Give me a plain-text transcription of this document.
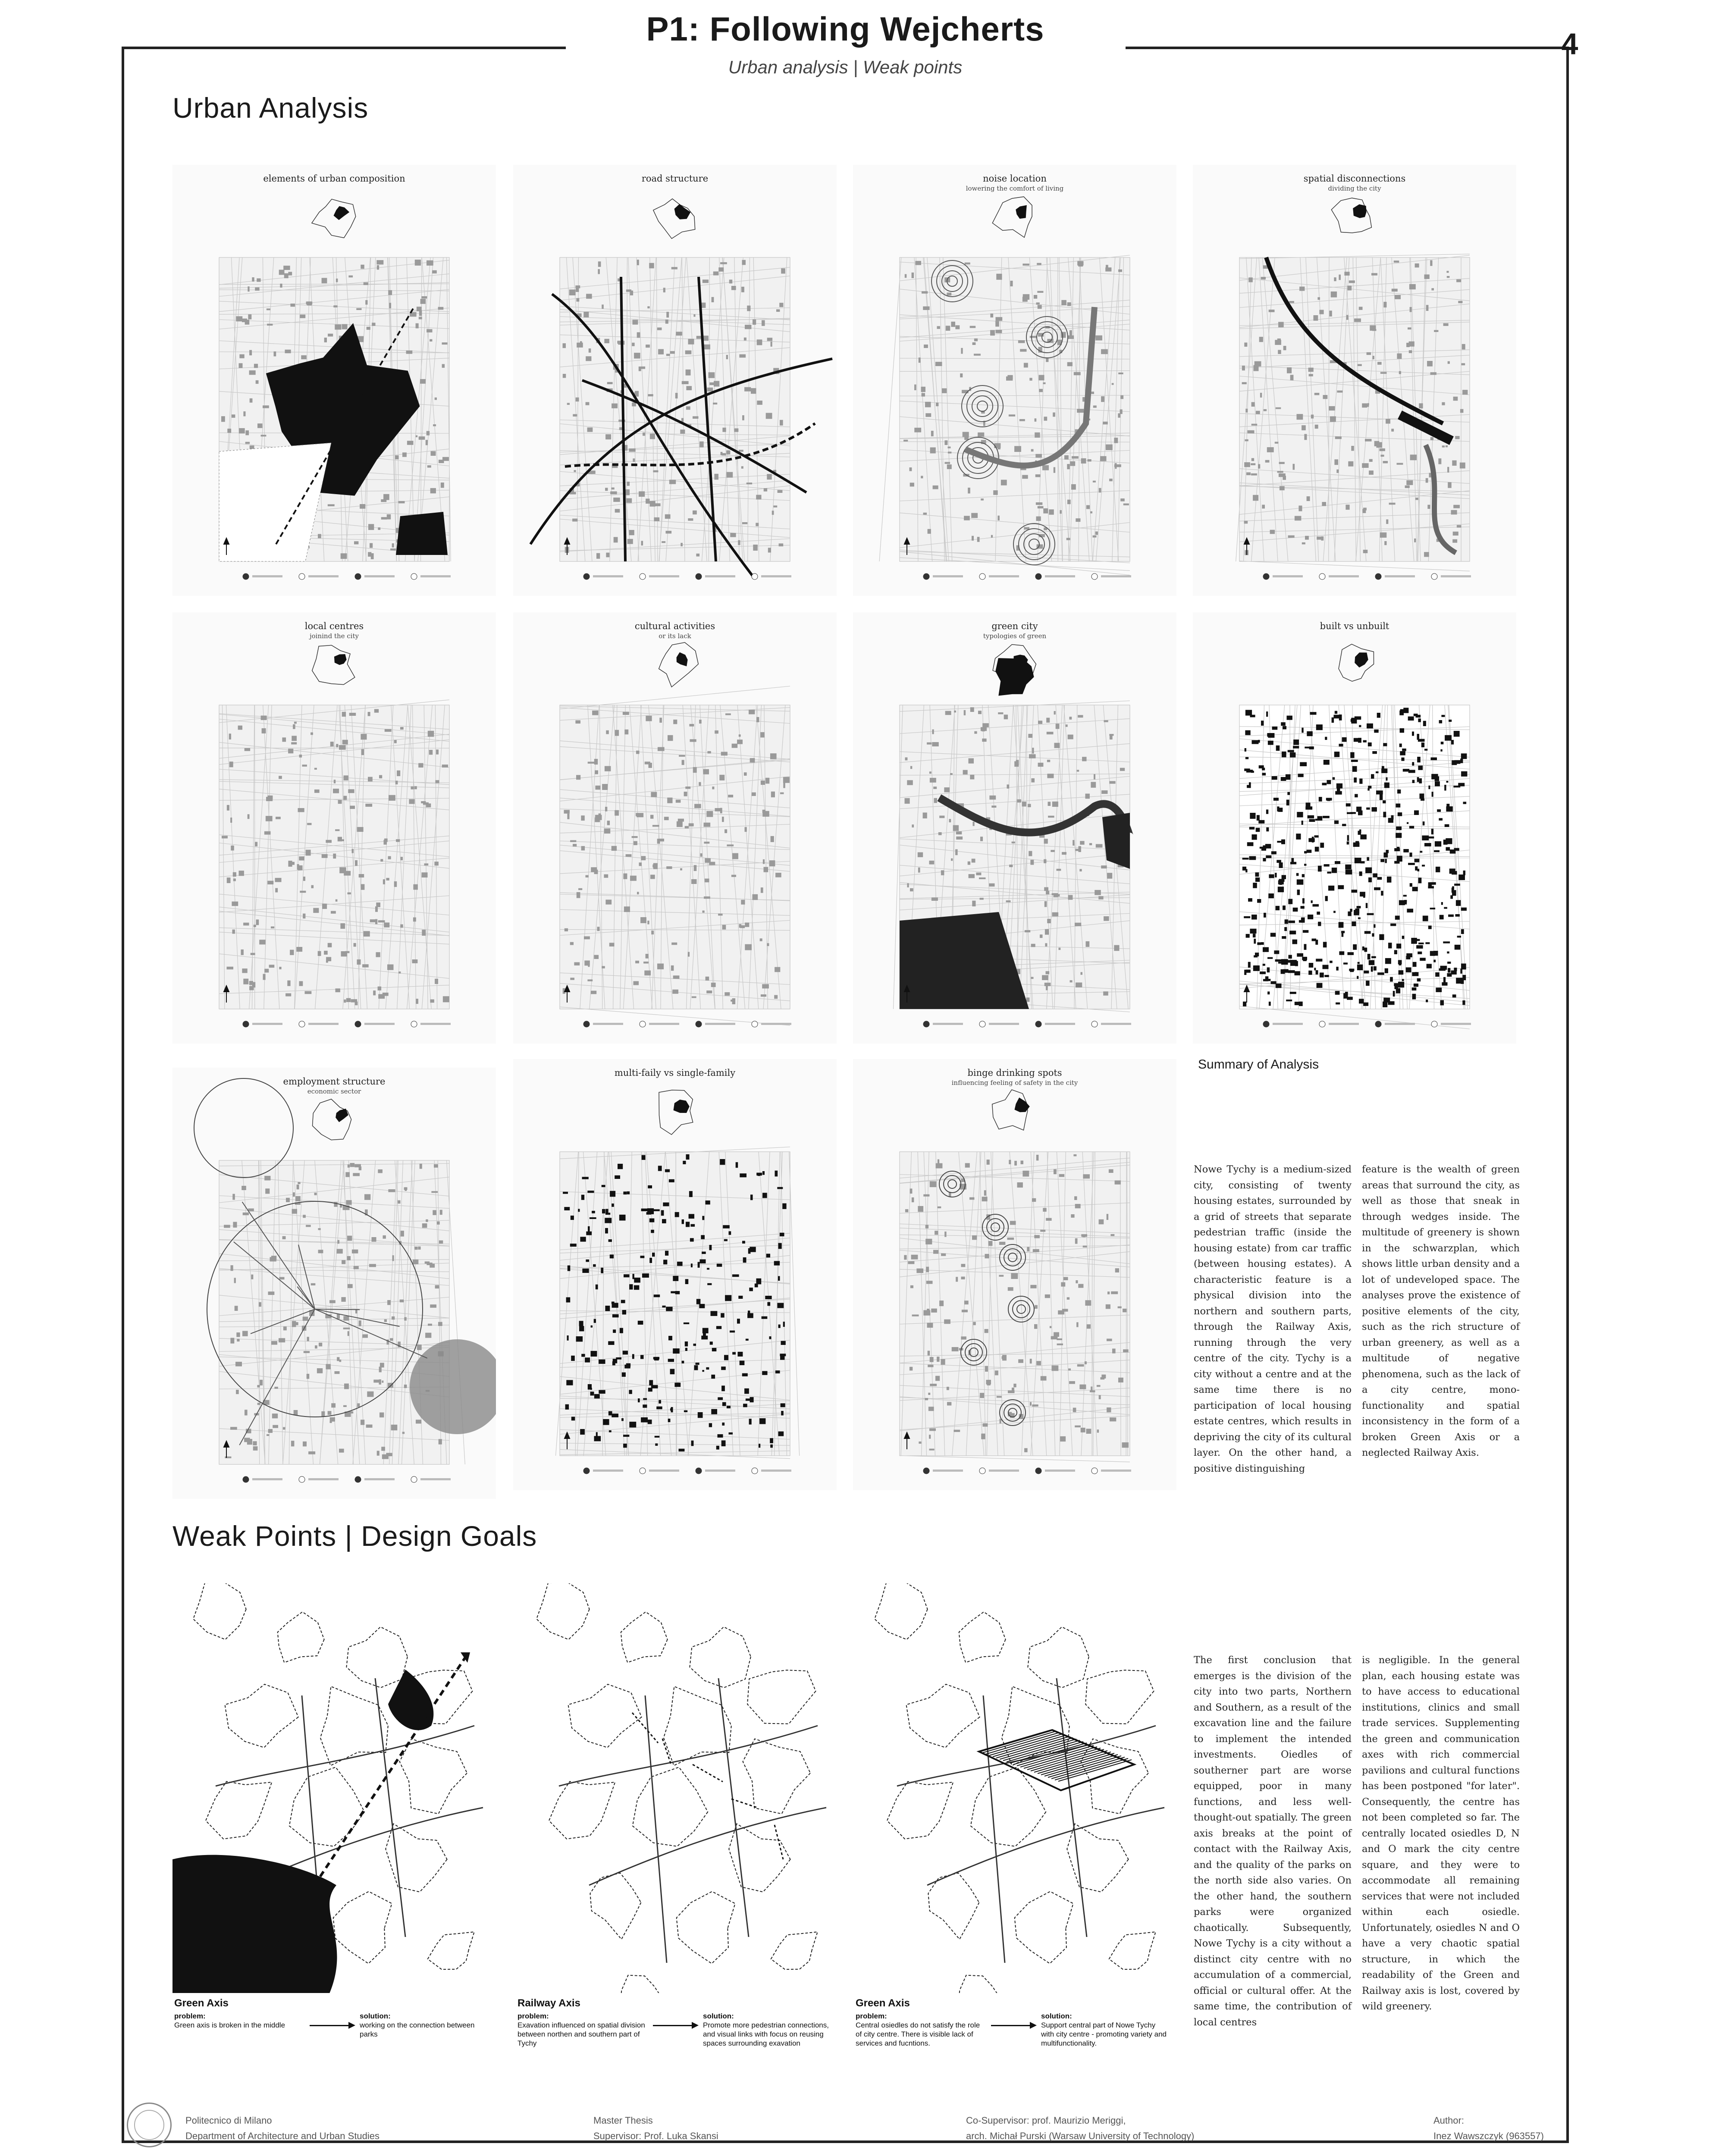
P1: Following Wejcherts
Urban analysis | Weak points
4
Urban Analysis
elements of urban composition	road structure	noise location
lowering the comfort of living
spatial disconnections
dividing the city
local centres
joinind the city
cultural activities
or its lack
green city
typologies of green
built vs unbuilt
employment structure
economic sector
multi-faily vs single-family	binge drinking spots
influencing feeling of safety in the city
Summary of Analysis
Nowe Tychy is a medium-sized city, consisting of twenty housing estates, surrounded by a grid of streets that separate pedestrian traffic (inside the housing estate) from car traffic (between housing estates). A characteristic feature is a physical division into the northern and southern parts, through the Railway Axis, running through the very centre of the city. Tychy is a city without a centre and at the same time there is no participation of local housing estate centres, which results in depriving the city of its cultural layer. On the other hand, a positive distinguishing
feature is the wealth of green areas that surround the city, as well as those that sneak in through wedges inside. The multitude of greenery is shown in the schwarzplan, which shows little urban density and a lot of undeveloped space. The analyses prove the existence of positive elements of the city, such as the rich structure of urban greenery, as well as a multitude of negative phenomena, such as the lack of a city centre, mono-functionality and spatial inconsistency in the form of a broken Green Axis or a neglected Railway Axis.
Weak Points | Design Goals
Green Axis
problem:
Green axis is broken in the middle
solution:
working on the connection between parks
Railway Axis
problem:
Exavation influenced on spatial division between northen and southern part of Tychy
solution:
Promote more pedestrian connections, and visual links with focus on reusing spaces surrounding exavation
Green Axis
problem:
Central osiedles do not satisfy the role of city centre. There is visible lack of services and fucntions.
solution:
Support central part of Nowe Tychy with city centre - promoting variety and multifunctionality.
The first conclusion that emerges is the division of the city into two parts, Northern and Southern, as a result of the excavation line and the failure to implement the intended investments. Oiedles of southerner part are worse equipped, poor in many functions, and less well-thought-out spatially. The green axis breaks at the point of contact with the Railway Axis, and the quality of the parks on the north side also varies. On the other hand, the southern parks were organized chaotically. Subsequently, Nowe Tychy is a city without a distinct city centre with no accumulation of a commercial, official or cultural offer. At the same time, the contribution of local centres
is negligible. In the general plan, each housing estate was to have access to educational institutions, clinics and small trade services. Supplementing the green and communication axes with rich commercial pavilions and cultural functions has been postponed "for later". Consequently, the centre has not been completed so far. The centrally located osiedles D, N and O mark the city centre square, and they were to accommodate all remaining services that were not included within each osiedle. Unfortunately, osiedles N and O have a very chaotic spatial structure, in which the readability of the Green and Railway axis is lost, covered by wild greenery.
Politecnico di Milano
Department of Architecture and Urban Studies
Master Thesis
Supervisor: Prof. Luka Skansi
Co-Supervisor: prof. Maurizio Meriggi,
arch. Michał Purski (Warsaw University of Technology)
Author:
Inez Wawszczyk (963557)
